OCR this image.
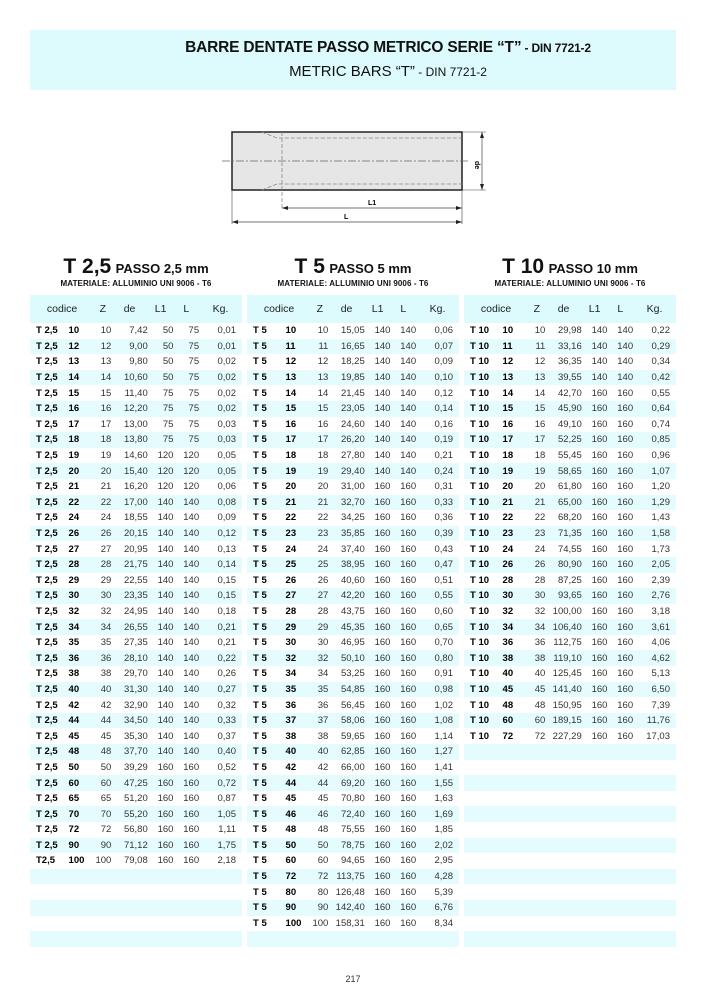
BARRE DENTATE PASSO METRICO SERIE “T” - DIN 7721-2
METRIC BARS “T” - DIN 7721-2
de
L1
L
T 2,5 PASSO 2,5 mm
MATERIALE: ALLUMINIO UNI 9006 - T6
codice		Z	de	L1	L	Kg.
T 2,5	10	10	7,42	50	75	0,01
T 2,5	12	12	9,00	50	75	0,01
T 2,5	13	13	9,80	50	75	0,02
T 2,5	14	14	10,60	50	75	0,02
T 2,5	15	15	11,40	75	75	0,02
T 2,5	16	16	12,20	75	75	0,02
T 2,5	17	17	13,00	75	75	0,03
T 2,5	18	18	13,80	75	75	0,03
T 2,5	19	19	14,60	120	120	0,05
T 2,5	20	20	15,40	120	120	0,05
T 2,5	21	21	16,20	120	120	0,06
T 2,5	22	22	17,00	140	140	0,08
T 2,5	24	24	18,55	140	140	0,09
T 2,5	26	26	20,15	140	140	0,12
T 2,5	27	27	20,95	140	140	0,13
T 2,5	28	28	21,75	140	140	0,14
T 2,5	29	29	22,55	140	140	0,15
T 2,5	30	30	23,35	140	140	0,15
T 2,5	32	32	24,95	140	140	0,18
T 2,5	34	34	26,55	140	140	0,21
T 2,5	35	35	27,35	140	140	0,21
T 2,5	36	36	28,10	140	140	0,22
T 2,5	38	38	29,70	140	140	0,26
T 2,5	40	40	31,30	140	140	0,27
T 2,5	42	42	32,90	140	140	0,32
T 2,5	44	44	34,50	140	140	0,33
T 2,5	45	45	35,30	140	140	0,37
T 2,5	48	48	37,70	140	140	0,40
T 2,5	50	50	39,29	160	160	0,52
T 2,5	60	60	47,25	160	160	0,72
T 2,5	65	65	51,20	160	160	0,87
T 2,5	70	70	55,20	160	160	1,05
T 2,5	72	72	56,80	160	160	1,11
T 2,5	90	90	71,12	160	160	1,75
T2,5	100	100	79,08	160	160	2,18

T 5 PASSO 5 mm
MATERIALE: ALLUMINIO UNI 9006 - T6
codice		Z	de	L1	L	Kg.
T 5	10	10	15,05	140	140	0,06
T 5	11	11	16,65	140	140	0,07
T 5	12	12	18,25	140	140	0,09
T 5	13	13	19,85	140	140	0,10
T 5	14	14	21,45	140	140	0,12
T 5	15	15	23,05	140	140	0,14
T 5	16	16	24,60	140	140	0,16
T 5	17	17	26,20	140	140	0,19
T 5	18	18	27,80	140	140	0,21
T 5	19	19	29,40	140	140	0,24
T 5	20	20	31,00	160	160	0,31
T 5	21	21	32,70	160	160	0,33
T 5	22	22	34,25	160	160	0,36
T 5	23	23	35,85	160	160	0,39
T 5	24	24	37,40	160	160	0,43
T 5	25	25	38,95	160	160	0,47
T 5	26	26	40,60	160	160	0,51
T 5	27	27	42,20	160	160	0,55
T 5	28	28	43,75	160	160	0,60
T 5	29	29	45,35	160	160	0,65
T 5	30	30	46,95	160	160	0,70
T 5	32	32	50,10	160	160	0,80
T 5	34	34	53,25	160	160	0,91
T 5	35	35	54,85	160	160	0,98
T 5	36	36	56,45	160	160	1,02
T 5	37	37	58,06	160	160	1,08
T 5	38	38	59,65	160	160	1,14
T 5	40	40	62,85	160	160	1,27
T 5	42	42	66,00	160	160	1,41
T 5	44	44	69,20	160	160	1,55
T 5	45	45	70,80	160	160	1,63
T 5	46	46	72,40	160	160	1,69
T 5	48	48	75,55	160	160	1,85
T 5	50	50	78,75	160	160	2,02
T 5	60	60	94,65	160	160	2,95
T 5	72	72	113,75	160	160	4,28
T 5	80	80	126,48	160	160	5,39
T 5	90	90	142,40	160	160	6,76
T 5	100	100	158,31	160	160	8,34

T 10 PASSO 10 mm
MATERIALE: ALLUMINIO UNI 9006 - T6
codice		Z	de	L1	L	Kg.
T 10	10	10	29,98	140	140	0,22
T 10	11	11	33,16	140	140	0,29
T 10	12	12	36,35	140	140	0,34
T 10	13	13	39,55	140	140	0,42
T 10	14	14	42,70	160	160	0,55
T 10	15	15	45,90	160	160	0,64
T 10	16	16	49,10	160	160	0,74
T 10	17	17	52,25	160	160	0,85
T 10	18	18	55,45	160	160	0,96
T 10	19	19	58,65	160	160	1,07
T 10	20	20	61,80	160	160	1,20
T 10	21	21	65,00	160	160	1,29
T 10	22	22	68,20	160	160	1,43
T 10	23	23	71,35	160	160	1,58
T 10	24	24	74,55	160	160	1,73
T 10	26	26	80,90	160	160	2,05
T 10	28	28	87,25	160	160	2,39
T 10	30	30	93,65	160	160	2,76
T 10	32	32	100,00	160	160	3,18
T 10	34	34	106,40	160	160	3,61
T 10	36	36	112,75	160	160	4,06
T 10	38	38	119,10	160	160	4,62
T 10	40	40	125,45	160	160	5,13
T 10	45	45	141,40	160	160	6,50
T 10	48	48	150,95	160	160	7,39
T 10	60	60	189,15	160	160	11,76
T 10	72	72	227,29	160	160	17,03

217
